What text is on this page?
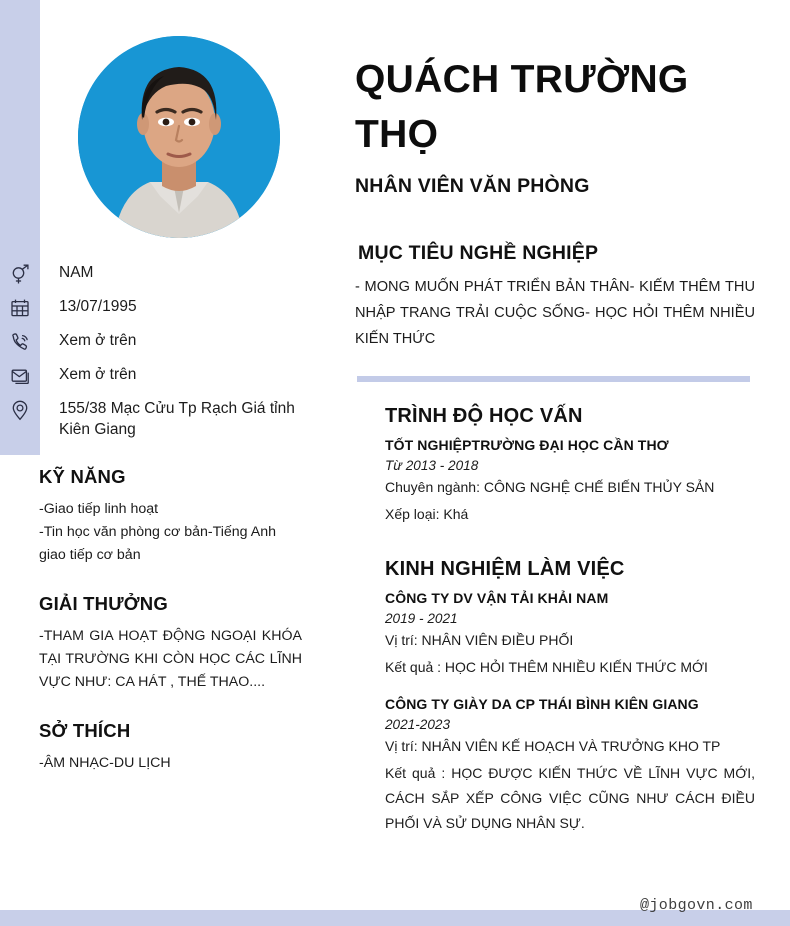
NAM
13/07/1995
Xem ở trên
Xem ở trên
155/38 Mạc Cửu Tp Rạch Giá tỉnh Kiên Giang
KỸ NĂNG

-Giao tiếp linh hoạt

-Tin học văn phòng cơ bản-Tiếng Anh giao tiếp cơ bản

GIẢI THƯỞNG

-THAM GIA HOẠT ĐỘNG NGOẠI KHÓA TẠI TRƯỜNG KHI CÒN HỌC CÁC LĨNH VỰC NHƯ: CA HÁT , THẾ THAO....

SỞ THÍCH

-ÂM NHẠC-DU LỊCH

QUÁCH TRƯỜNG THỌ
NHÂN VIÊN VĂN PHÒNG
MỤC TIÊU NGHỀ NGHIỆP

- MONG MUỐN PHÁT TRIỂN BẢN THÂN- KIẾM THÊM THU NHẬP TRANG TRẢI CUỘC SỐNG- HỌC HỎI THÊM NHIỀU KIẾN THỨC

TRÌNH ĐỘ HỌC VẤN
TỐT NGHIỆPTRƯỜNG ĐẠI HỌC CẦN THƠ
Từ 2013 - 2018
Chuyên ngành: CÔNG NGHỆ CHẾ BIẾN THỦY SẢN
Xếp loại: Khá
KINH NGHIỆM LÀM VIỆC
CÔNG TY DV VẬN TẢI KHẢI NAM
2019 - 2021
Vị trí: NHÂN VIÊN ĐIỀU PHỐI
Kết quả : HỌC HỎI THÊM NHIỀU KIẾN THỨC MỚI
CÔNG TY GIÀY DA CP THÁI BÌNH KIÊN GIANG
2021-2023
Vị trí: NHÂN VIÊN KẾ HOẠCH VÀ TRƯỞNG KHO TP
Kết quả : HỌC ĐƯỢC KIẾN THỨC VỀ LĨNH VỰC MỚI, CÁCH SẮP XẾP CÔNG VIỆC CŨNG NHƯ CÁCH ĐIỀU PHỐI VÀ SỬ DỤNG NHÂN SỰ.
@jobgovn.com
